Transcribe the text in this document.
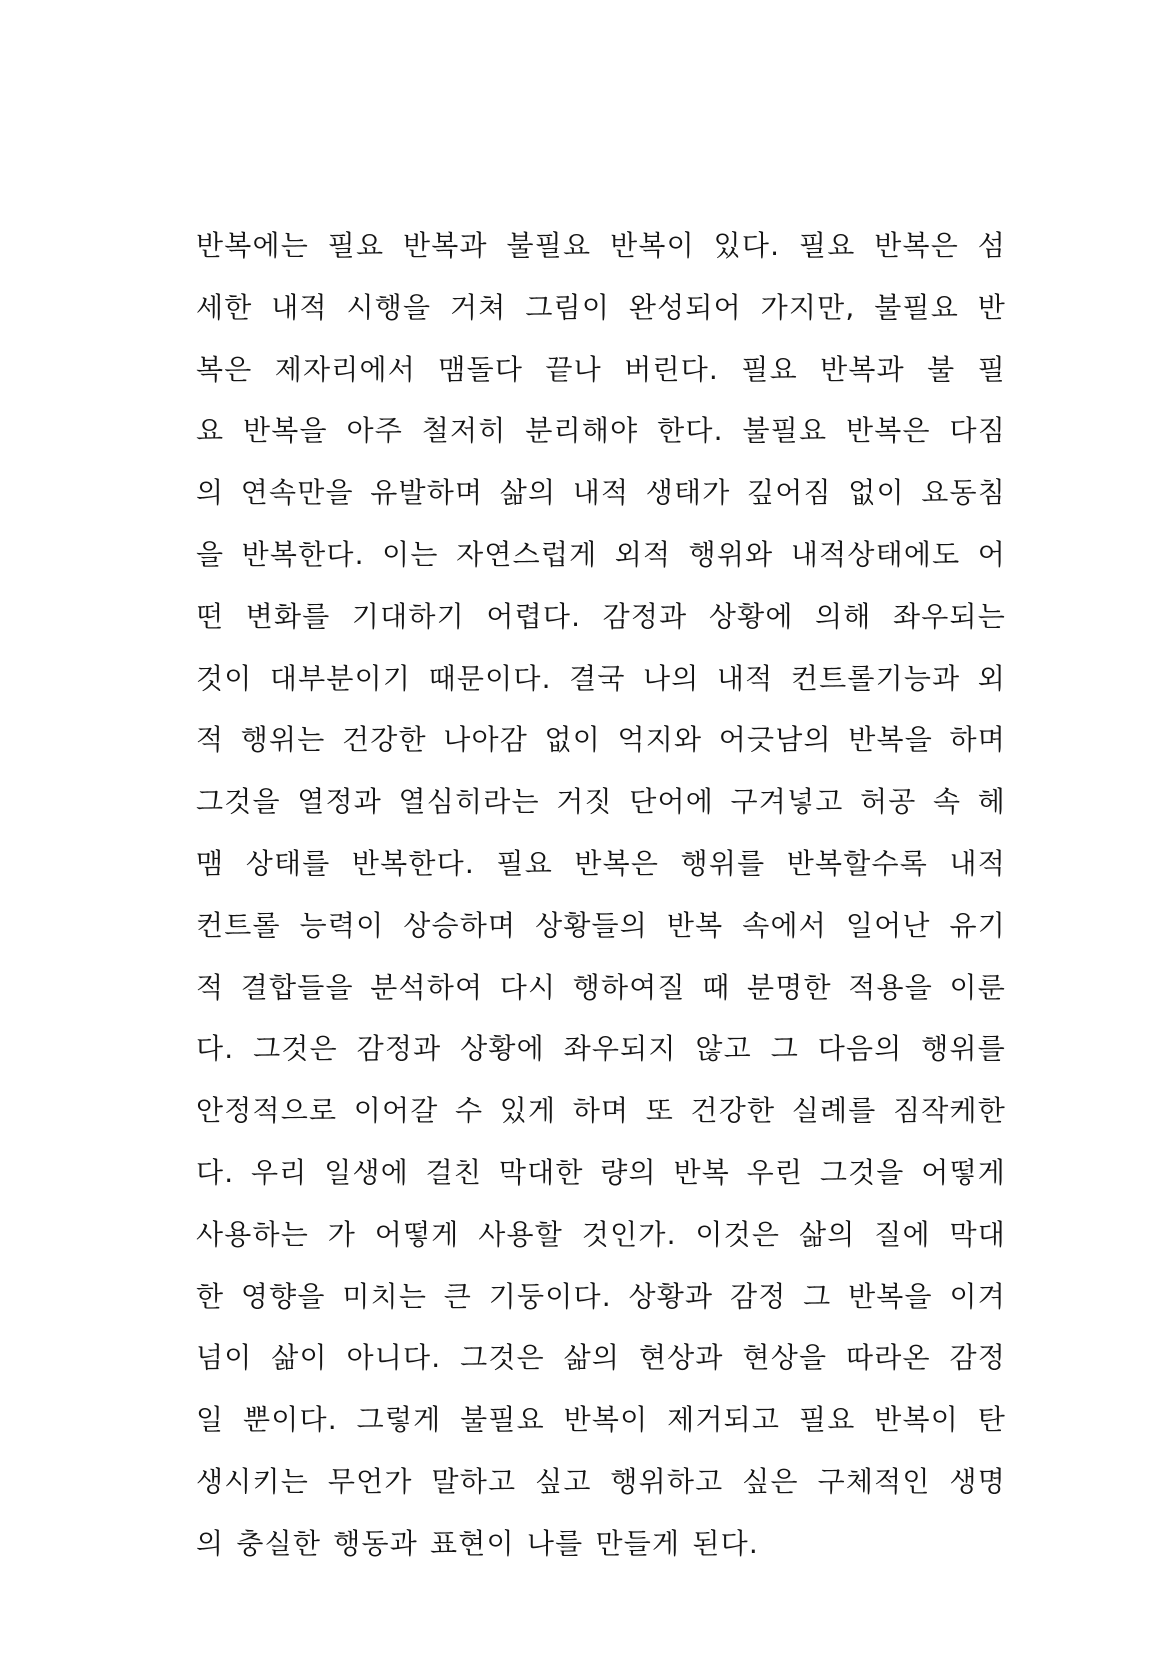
반복에는 필요 반복과 불필요 반복이 있다. 필요 반복은 섬
세한 내적 시행을 거쳐 그림이 완성되어 가지만, 불필요 반
복은 제자리에서 맴돌다 끝나 버린다. 필요 반복과 불 필
요 반복을 아주 철저히 분리해야 한다. 불필요 반복은 다짐
의 연속만을 유발하며 삶의 내적 생태가 깊어짐 없이 요동침
을 반복한다. 이는 자연스럽게 외적 행위와 내적상태에도 어
떤 변화를 기대하기 어렵다. 감정과 상황에 의해 좌우되는
것이 대부분이기 때문이다. 결국 나의 내적 컨트롤기능과 외
적 행위는 건강한 나아감 없이 억지와 어긋남의 반복을 하며
그것을 열정과 열심히라는 거짓 단어에 구겨넣고 허공 속 헤
맴 상태를 반복한다. 필요 반복은 행위를 반복할수록 내적
컨트롤 능력이 상승하며 상황들의 반복 속에서 일어난 유기
적 결합들을 분석하여 다시 행하여질 때 분명한 적용을 이룬
다. 그것은 감정과 상황에 좌우되지 않고 그 다음의 행위를
안정적으로 이어갈 수 있게 하며 또 건강한 실례를 짐작케한
다. 우리 일생에 걸친 막대한 량의 반복 우린 그것을 어떻게
사용하는 가 어떻게 사용할 것인가. 이것은 삶의 질에 막대
한 영향을 미치는 큰 기둥이다. 상황과 감정 그 반복을 이겨
넘이 삶이 아니다. 그것은 삶의 현상과 현상을 따라온 감정
일 뿐이다. 그렇게 불필요 반복이 제거되고 필요 반복이 탄
생시키는 무언가 말하고 싶고 행위하고 싶은 구체적인 생명
의 충실한 행동과 표현이 나를 만들게 된다.
